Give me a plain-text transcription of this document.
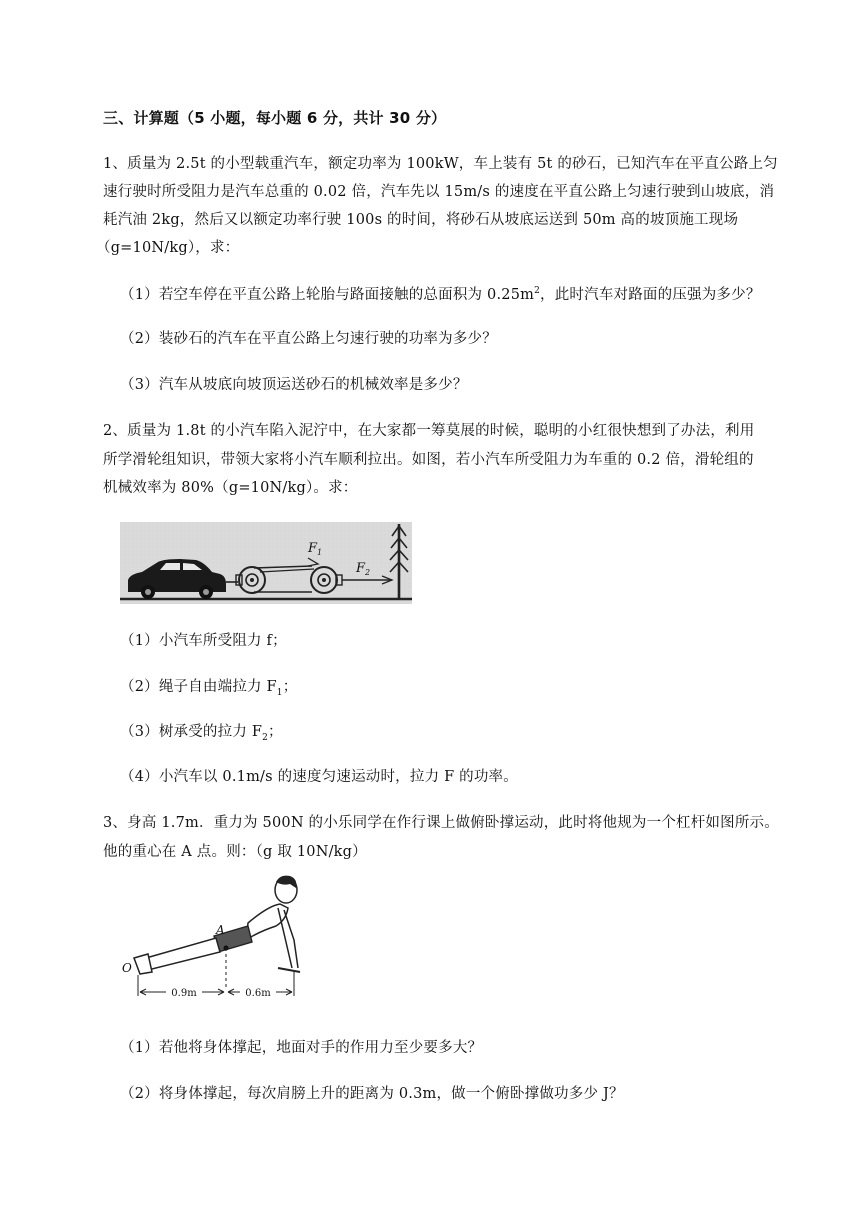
三、计算题（5 小题，每小题 6 分，共计 30 分）
1、质量为 2.5t 的小型载重汽车，额定功率为 100kW，车上装有 5t 的砂石，已知汽车在平直公路上匀
速行驶时所受阻力是汽车总重的 0.02 倍，汽车先以 15m/s 的速度在平直公路上匀速行驶到山坡底，消
耗汽油 2kg，然后又以额定功率行驶 100s 的时间，将砂石从坡底运送到 50m 高的坡顶施工现场
（g=10N/kg），求：
（1）若空车停在平直公路上轮胎与路面接触的总面积为 $0.25m^2$，此时汽车对路面的压强为多少？
（2）装砂石的汽车在平直公路上匀速行驶的功率为多少？
（3）汽车从坡底向坡顶运送砂石的机械效率是多少？
2、质量为 1.8t 的小汽车陷入泥泞中，在大家都一筹莫展的时候，聪明的小红很快想到了办法，利用
所学滑轮组知识，带领大家将小汽车顺利拉出。如图，若小汽车所受阻力为车重的 0.2 倍，滑轮组的
机械效率为 80%（g=10N/kg）。求：
$F_1$
$F_2$
（1）小汽车所受阻力 f；
（2）绳子自由端拉力 $F_1$；
（3）树承受的拉力 $F_2$；
（4）小汽车以 0.1m/s 的速度匀速运动时，拉力 F 的功率。
3、身高 1.7m．重力为 500N 的小乐同学在作行课上做俯卧撑运动，此时将他规为一个杠杆如图所示。
他的重心在 A 点。则：（g 取 10N/kg）
0.9m	0.6m
A
O
（1）若他将身体撑起，地面对手的作用力至少要多大？
（2）将身体撑起，每次肩膀上升的距离为 0.3m，做一个俯卧撑做功多少 J？
